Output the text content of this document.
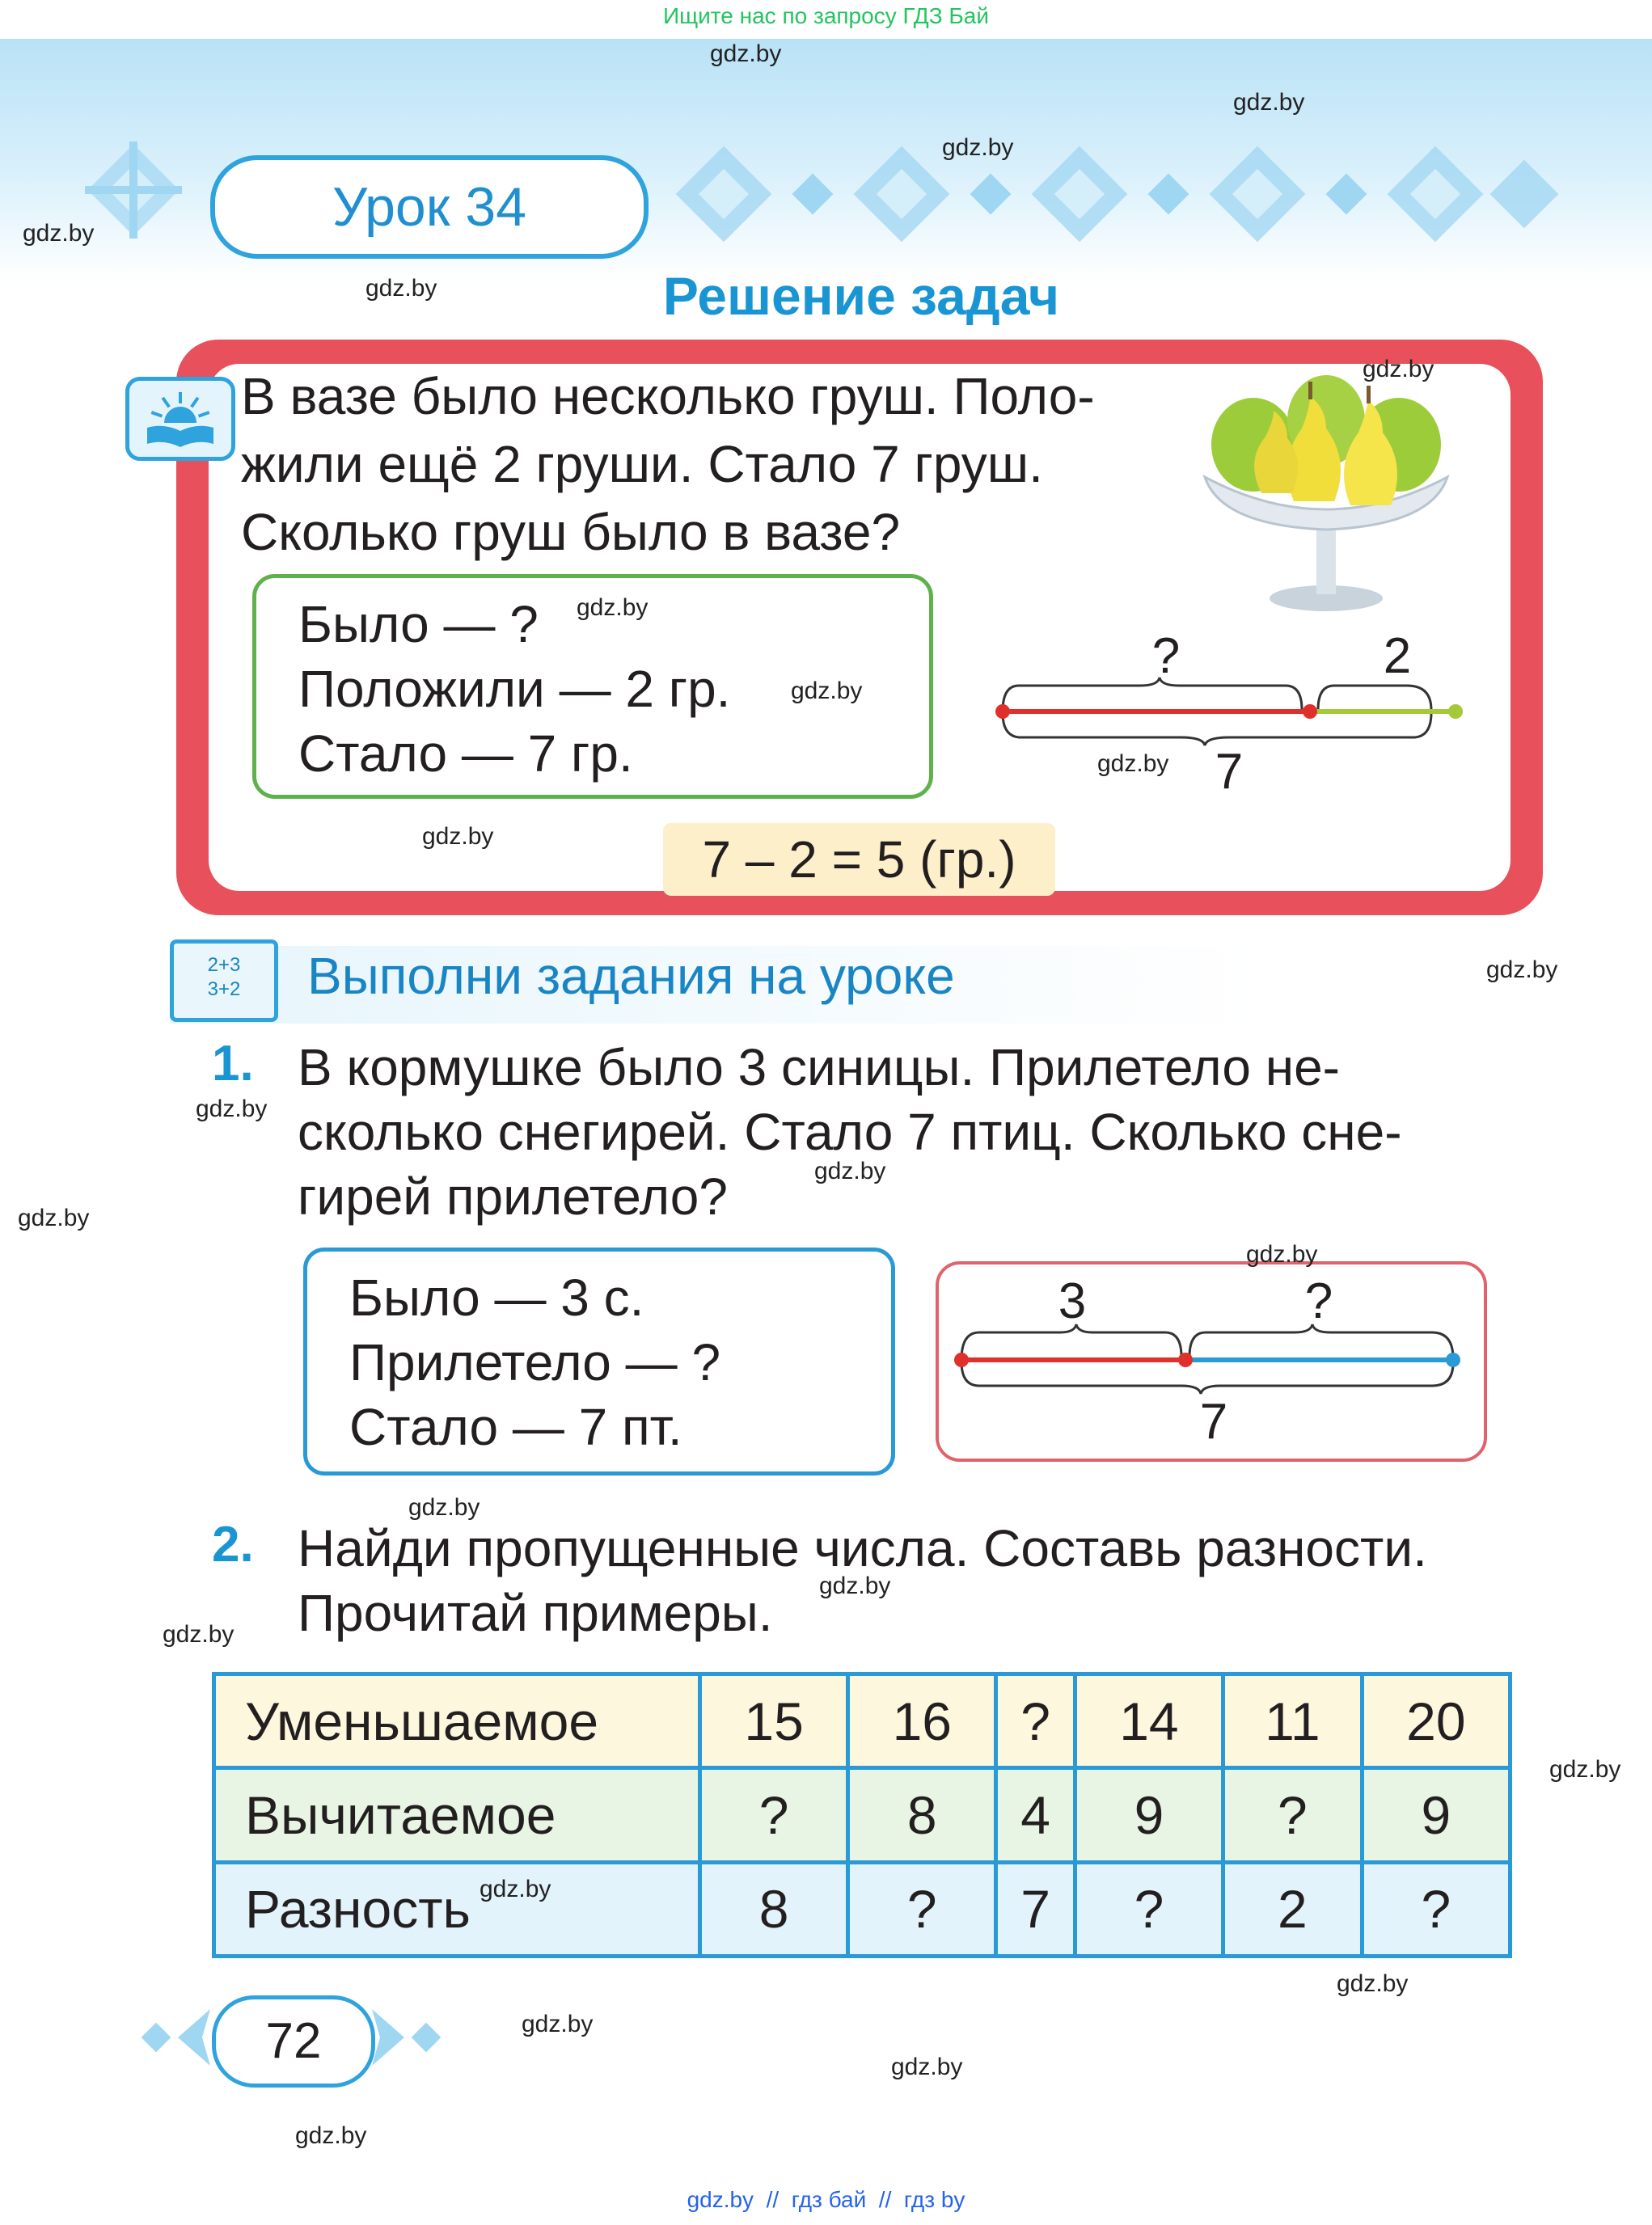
Ищите нас по запросу ГДЗ Бай
Урок 34
Решение задач
В вазе было несколько груш. Поло-
жили ещё 2 груши. Стало 7 груш.
Сколько груш было в вазе?
Было — ?
Положили — 2 гр.
Стало — 7 гр.
?	2
7
7 – 2 = 5 (гр.)
2+3
3+2	Выполни задания на уроке
1. В кормушке было 3 синицы. Прилетело не-
сколько снегирей. Стало 7 птиц. Сколько сне-
гирей прилетело?
Было — 3 с.
Прилетело — ?
Стало — 7 пт.
3	?
7
2. Найди пропущенные числа. Составь разности.
Прочитай примеры.
Уменьшаемое	15	16	?	14	11	20
Вычитаемое	?	8	4	9	?	9
Разность	8	?	7	?	2	?
72
gdz.by
gdz.by
gdz.by
gdz.by
gdz.by
gdz.by
gdz.by
gdz.by
gdz.by
gdz.by
gdz.by
gdz.by
gdz.by
gdz.by
gdz.by
gdz.by
gdz.by
gdz.by
gdz.by
gdz.by
gdz.by
gdz.by
gdz.by
gdz.by
gdz.by  //  гдз бай  //  гдз by
